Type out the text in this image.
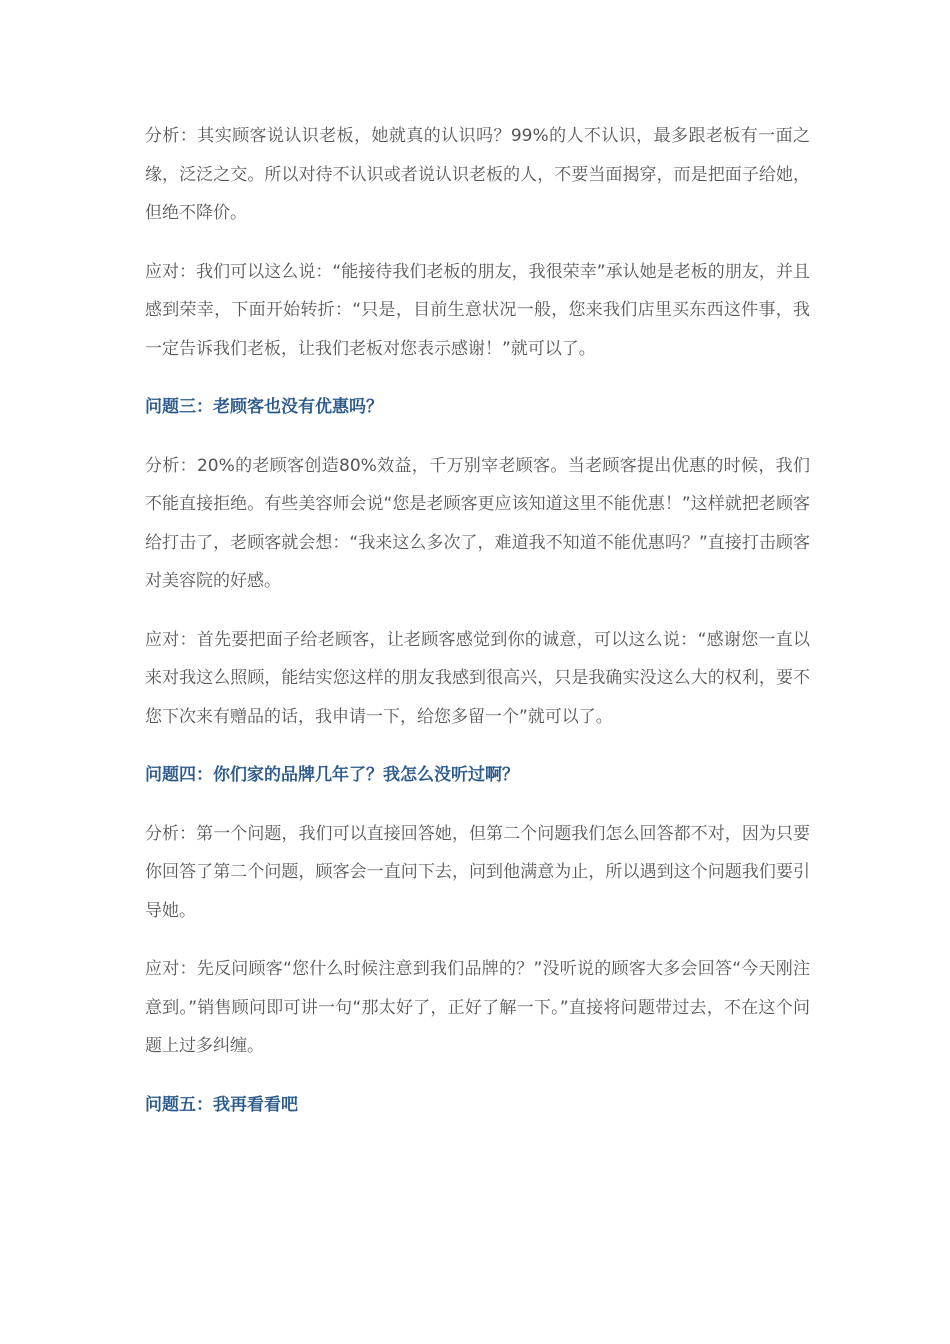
分析：其实顾客说认识老板，她就真的认识吗？99%的人不认识，最多跟老板有一面之缘，泛泛之交。所以对待不认识或者说认识老板的人，不要当面揭穿，而是把面子给她，但绝不降价。

应对：我们可以这么说：“能接待我们老板的朋友，我很荣幸”承认她是老板的朋友，并且感到荣幸，下面开始转折：“只是，目前生意状况一般，您来我们店里买东西这件事，我一定告诉我们老板，让我们老板对您表示感谢！”就可以了。

问题三：老顾客也没有优惠吗？

分析：20%的老顾客创造80%效益，千万别宰老顾客。当老顾客提出优惠的时候，我们不能直接拒绝。有些美容师会说“您是老顾客更应该知道这里不能优惠！”这样就把老顾客给打击了，老顾客就会想：“我来这么多次了，难道我不知道不能优惠吗？”直接打击顾客对美容院的好感。

应对：首先要把面子给老顾客，让老顾客感觉到你的诚意，可以这么说：“感谢您一直以来对我这么照顾，能结实您这样的朋友我感到很高兴，只是我确实没这么大的权利，要不您下次来有赠品的话，我申请一下，给您多留一个”就可以了。

问题四：你们家的品牌几年了？我怎么没听过啊？

分析：第一个问题，我们可以直接回答她，但第二个问题我们怎么回答都不对，因为只要你回答了第二个问题，顾客会一直问下去，问到他满意为止，所以遇到这个问题我们要引导她。

应对：先反问顾客“您什么时候注意到我们品牌的？”没听说的顾客大多会回答“今天刚注意到。”销售顾问即可讲一句“那太好了，正好了解一下。”直接将问题带过去，不在这个问题上过多纠缠。

问题五：我再看看吧
